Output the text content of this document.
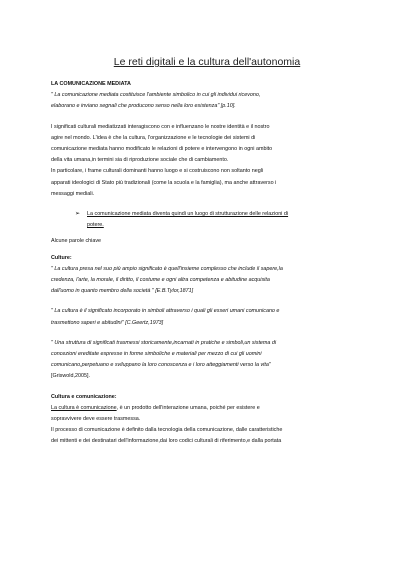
Le reti digitali e la cultura dell'autonomia

LA COMUNICAZIONE MEDIATA

" La comunicazione mediata costituisce l'ambiente simbolico in cui gli individui ricevono,

elaborano e inviano segnali che producono senso nella loro esistenza" [p.10].

I significati culturali mediatizzati interagiscono con e influenzano le nostre identità e il nostro

agire nel mondo. L'idea è che la cultura, l'organizzazione e le tecnologie dei sistemi di

comunicazione mediata hanno modificato le relazioni di potere e intervengono in ogni ambito

della vita umana,in termini sia di riproduzione sociale che di cambiamento.

In particolare, i frame culturali dominanti hanno luogo e si costruiscono non soltanto negli

apparati ideologici di Stato più tradizionali (come la scuola e la famiglia), ma anche attraverso i

messaggi mediali.

➢	La comunicazione mediata diventa quindi un luogo di strutturazione delle relazioni di

potere.

Alcune parole chiave

Culture:

" La cultura presa nel suo più ampio significato è quell'insieme complesso che include il sapere,la

credenza, l'arte, la morale, il diritto, il costume e ogni altra competenza e abitudine acquisita

dall'uomo in quanto membro della società " [E.B.Tylor,1871]

" La cultura è il significato incorporato in simboli attraverso i quali gli esseri umani comunicano e

trasmettono saperi e abitudini" [C.Geertz,1973]

" Una struttura di significati trasmessi storicamente,incarnati in pratiche e simboli,un sistema di

concezioni ereditate espresse in forme simboliche e materiali per mezzo di cui gli uomini

comunicano,perpetuano e sviluppano la loro conoscenza e i loro atteggiamenti verso la vita"

[Griswold,2005].

Cultura e comunicazione:

La cultura è comunicazione, è un prodotto dell'interazione umana, poiché per esistere e

sopravvivere deve essere trasmessa.

Il processo di comunicazione è definito dalla tecnologia della comunicazione, dalle caratteristiche

dei mittenti e dei destinatari dell'informazione,dai loro codici culturali di riferimento,e dalla portata
